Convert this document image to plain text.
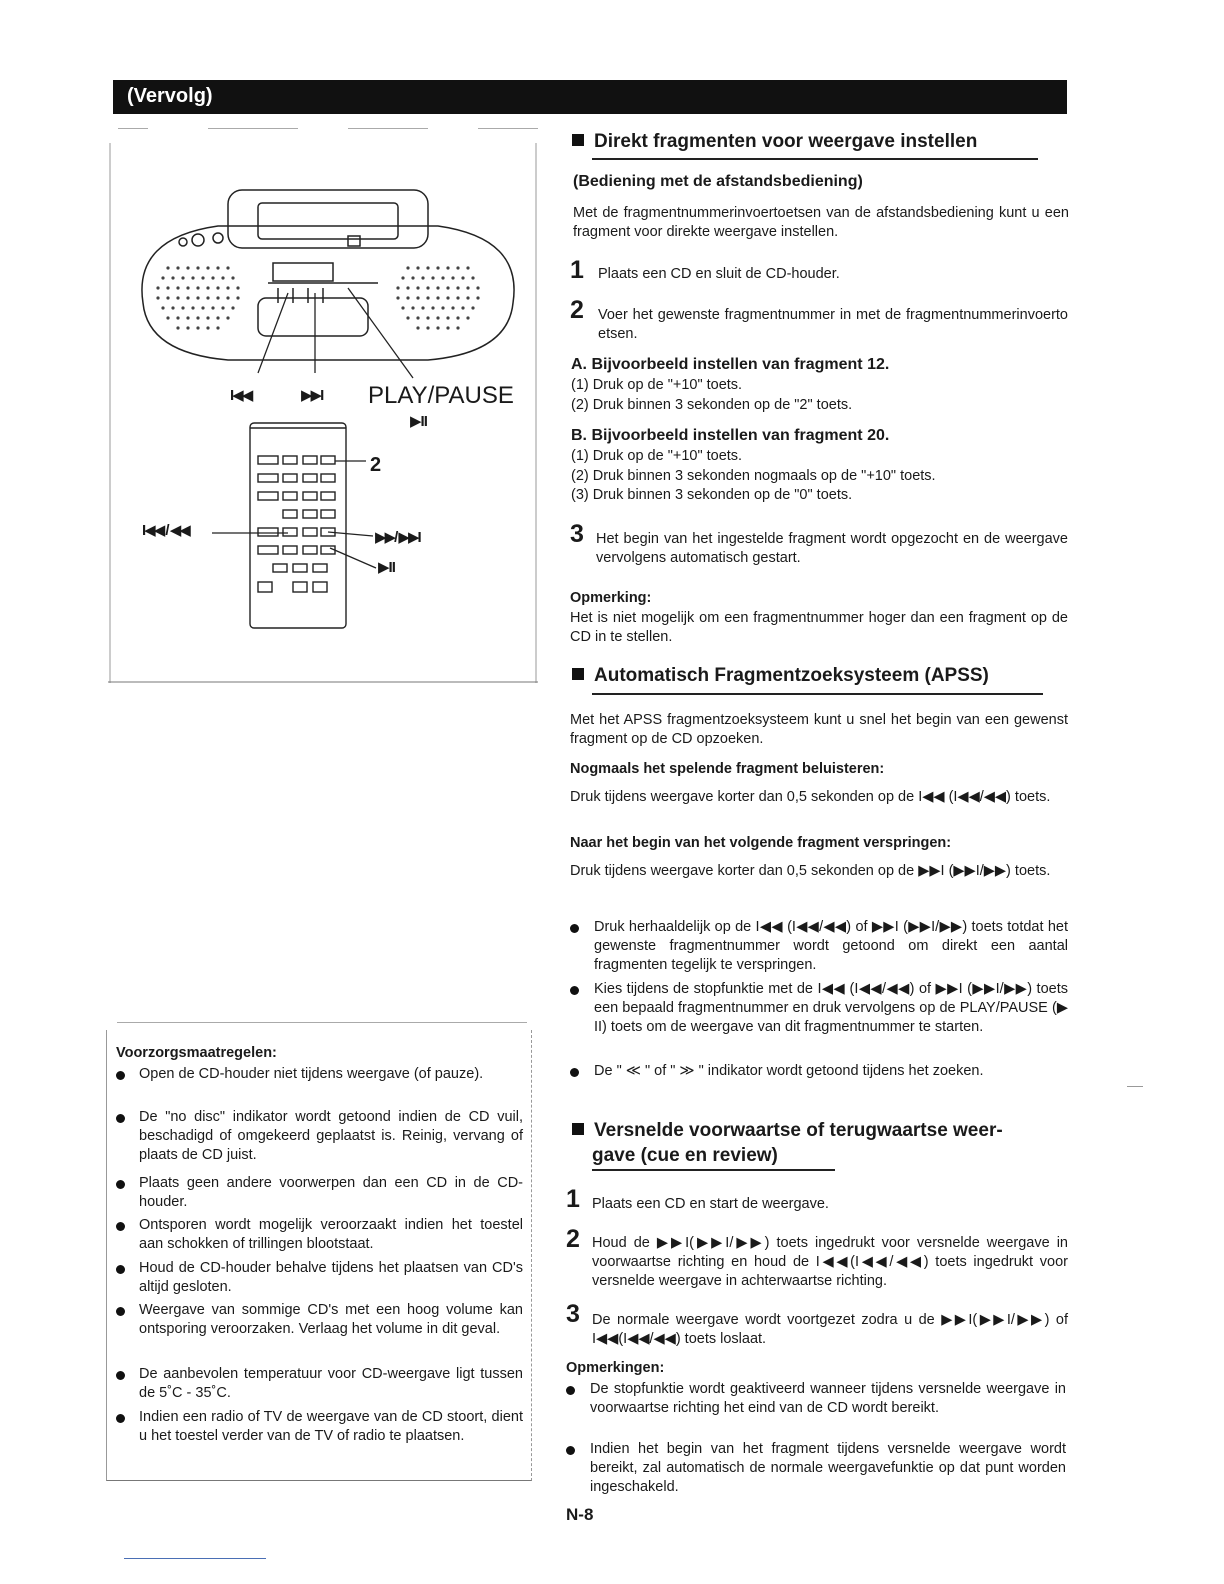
(Vervolg)
I◀◀	▶▶I PLAY/PAUSE
▶II
2
I◀◀ / ◀◀	▶▶/ ▶▶I
▶II
Voorzorgsmaatregelen:
Open de CD-houder niet tijdens weergave (of pauze).
De "no disc" indikator wordt getoond indien de CD vuil, beschadigd of omgekeerd geplaatst is. Reinig, vervang of plaats de CD juist.
Plaats geen andere voorwerpen dan een CD in de CD-houder.
Ontsporen wordt mogelijk veroorzaakt indien het toestel aan schokken of trillingen blootstaat.
Houd de CD-houder behalve tijdens het plaatsen van CD's altijd gesloten.
Weergave van sommige CD's met een hoog volume kan ontsporing veroorzaken. Verlaag het volume in dit geval.
De aanbevolen temperatuur voor CD-weergave ligt tussen de 5˚C - 35˚C.
Indien een radio of TV de weergave van de CD stoort, dient u het toestel verder van de TV of radio te plaatsen.
Direkt fragmenten voor weergave instellen
(Bediening met de afstandsbediening)
Met de fragmentnummerinvoertoetsen van de afstandsbediening kunt u een fragment voor direkte weergave instellen.
1 Plaats een CD en sluit de CD-houder.
2 Voer het gewenste fragmentnummer in met de fragmentnummerinvoertoetsen.
A. Bijvoorbeeld instellen van fragment 12.
(1) Druk op de "+10" toets.
(2) Druk binnen 3 sekonden op de "2" toets.
B. Bijvoorbeeld instellen van fragment 20.
(1) Druk op de "+10" toets.
(2) Druk binnen 3 sekonden nogmaals op de "+10" toets.
(3) Druk binnen 3 sekonden op de "0" toets.
3 Het begin van het ingestelde fragment wordt opgezocht en de weergave vervolgens automatisch gestart.
Opmerking:
Het is niet mogelijk om een fragmentnummer hoger dan een fragment op de CD in te stellen.
Automatisch Fragmentzoeksysteem (APSS)
Met het APSS fragmentzoeksysteem kunt u snel het begin van een gewenst fragment op de CD opzoeken.
Nogmaals het spelende fragment beluisteren:
Druk tijdens weergave korter dan 0,5 sekonden op de I◀◀ (I◀◀/◀◀) toets.
Naar het begin van het volgende fragment verspringen:
Druk tijdens weergave korter dan 0,5 sekonden op de ▶▶I (▶▶I/▶▶) toets.
Druk herhaaldelijk op de I◀◀ (I◀◀/◀◀) of ▶▶I (▶▶I/▶▶) toets totdat het gewenste fragmentnummer wordt getoond om direkt een aantal fragmenten tegelijk te verspringen.
Kies tijdens de stopfunktie met de I◀◀ (I◀◀/◀◀) of ▶▶I (▶▶I/▶▶) toets een bepaald fragmentnummer en druk vervolgens op de PLAY/PAUSE (▶ II) toets om de weergave van dit fragmentnummer te starten.
De " ≪ " of " ≫ " indikator wordt getoond tijdens het zoeken.
Versnelde voorwaartse of terugwaartse weer-
gave (cue en review)
1 Plaats een CD en start de weergave.
2 Houd de ▶▶I(▶▶I/▶▶) toets ingedrukt voor versnelde weergave in voorwaartse richting en houd de I◀◀(I◀◀/◀◀) toets ingedrukt voor versnelde weergave in achterwaartse richting.
3 De normale weergave wordt voortgezet zodra u de ▶▶I(▶▶I/▶▶) of I◀◀(I◀◀/◀◀) toets loslaat.
Opmerkingen:
De stopfunktie wordt geaktiveerd wanneer tijdens versnelde weergave in voorwaartse richting het eind van de CD wordt bereikt.
Indien het begin van het fragment tijdens versnelde weergave wordt bereikt, zal automatisch de normale weergavefunktie op dat punt worden ingeschakeld.
N-8
